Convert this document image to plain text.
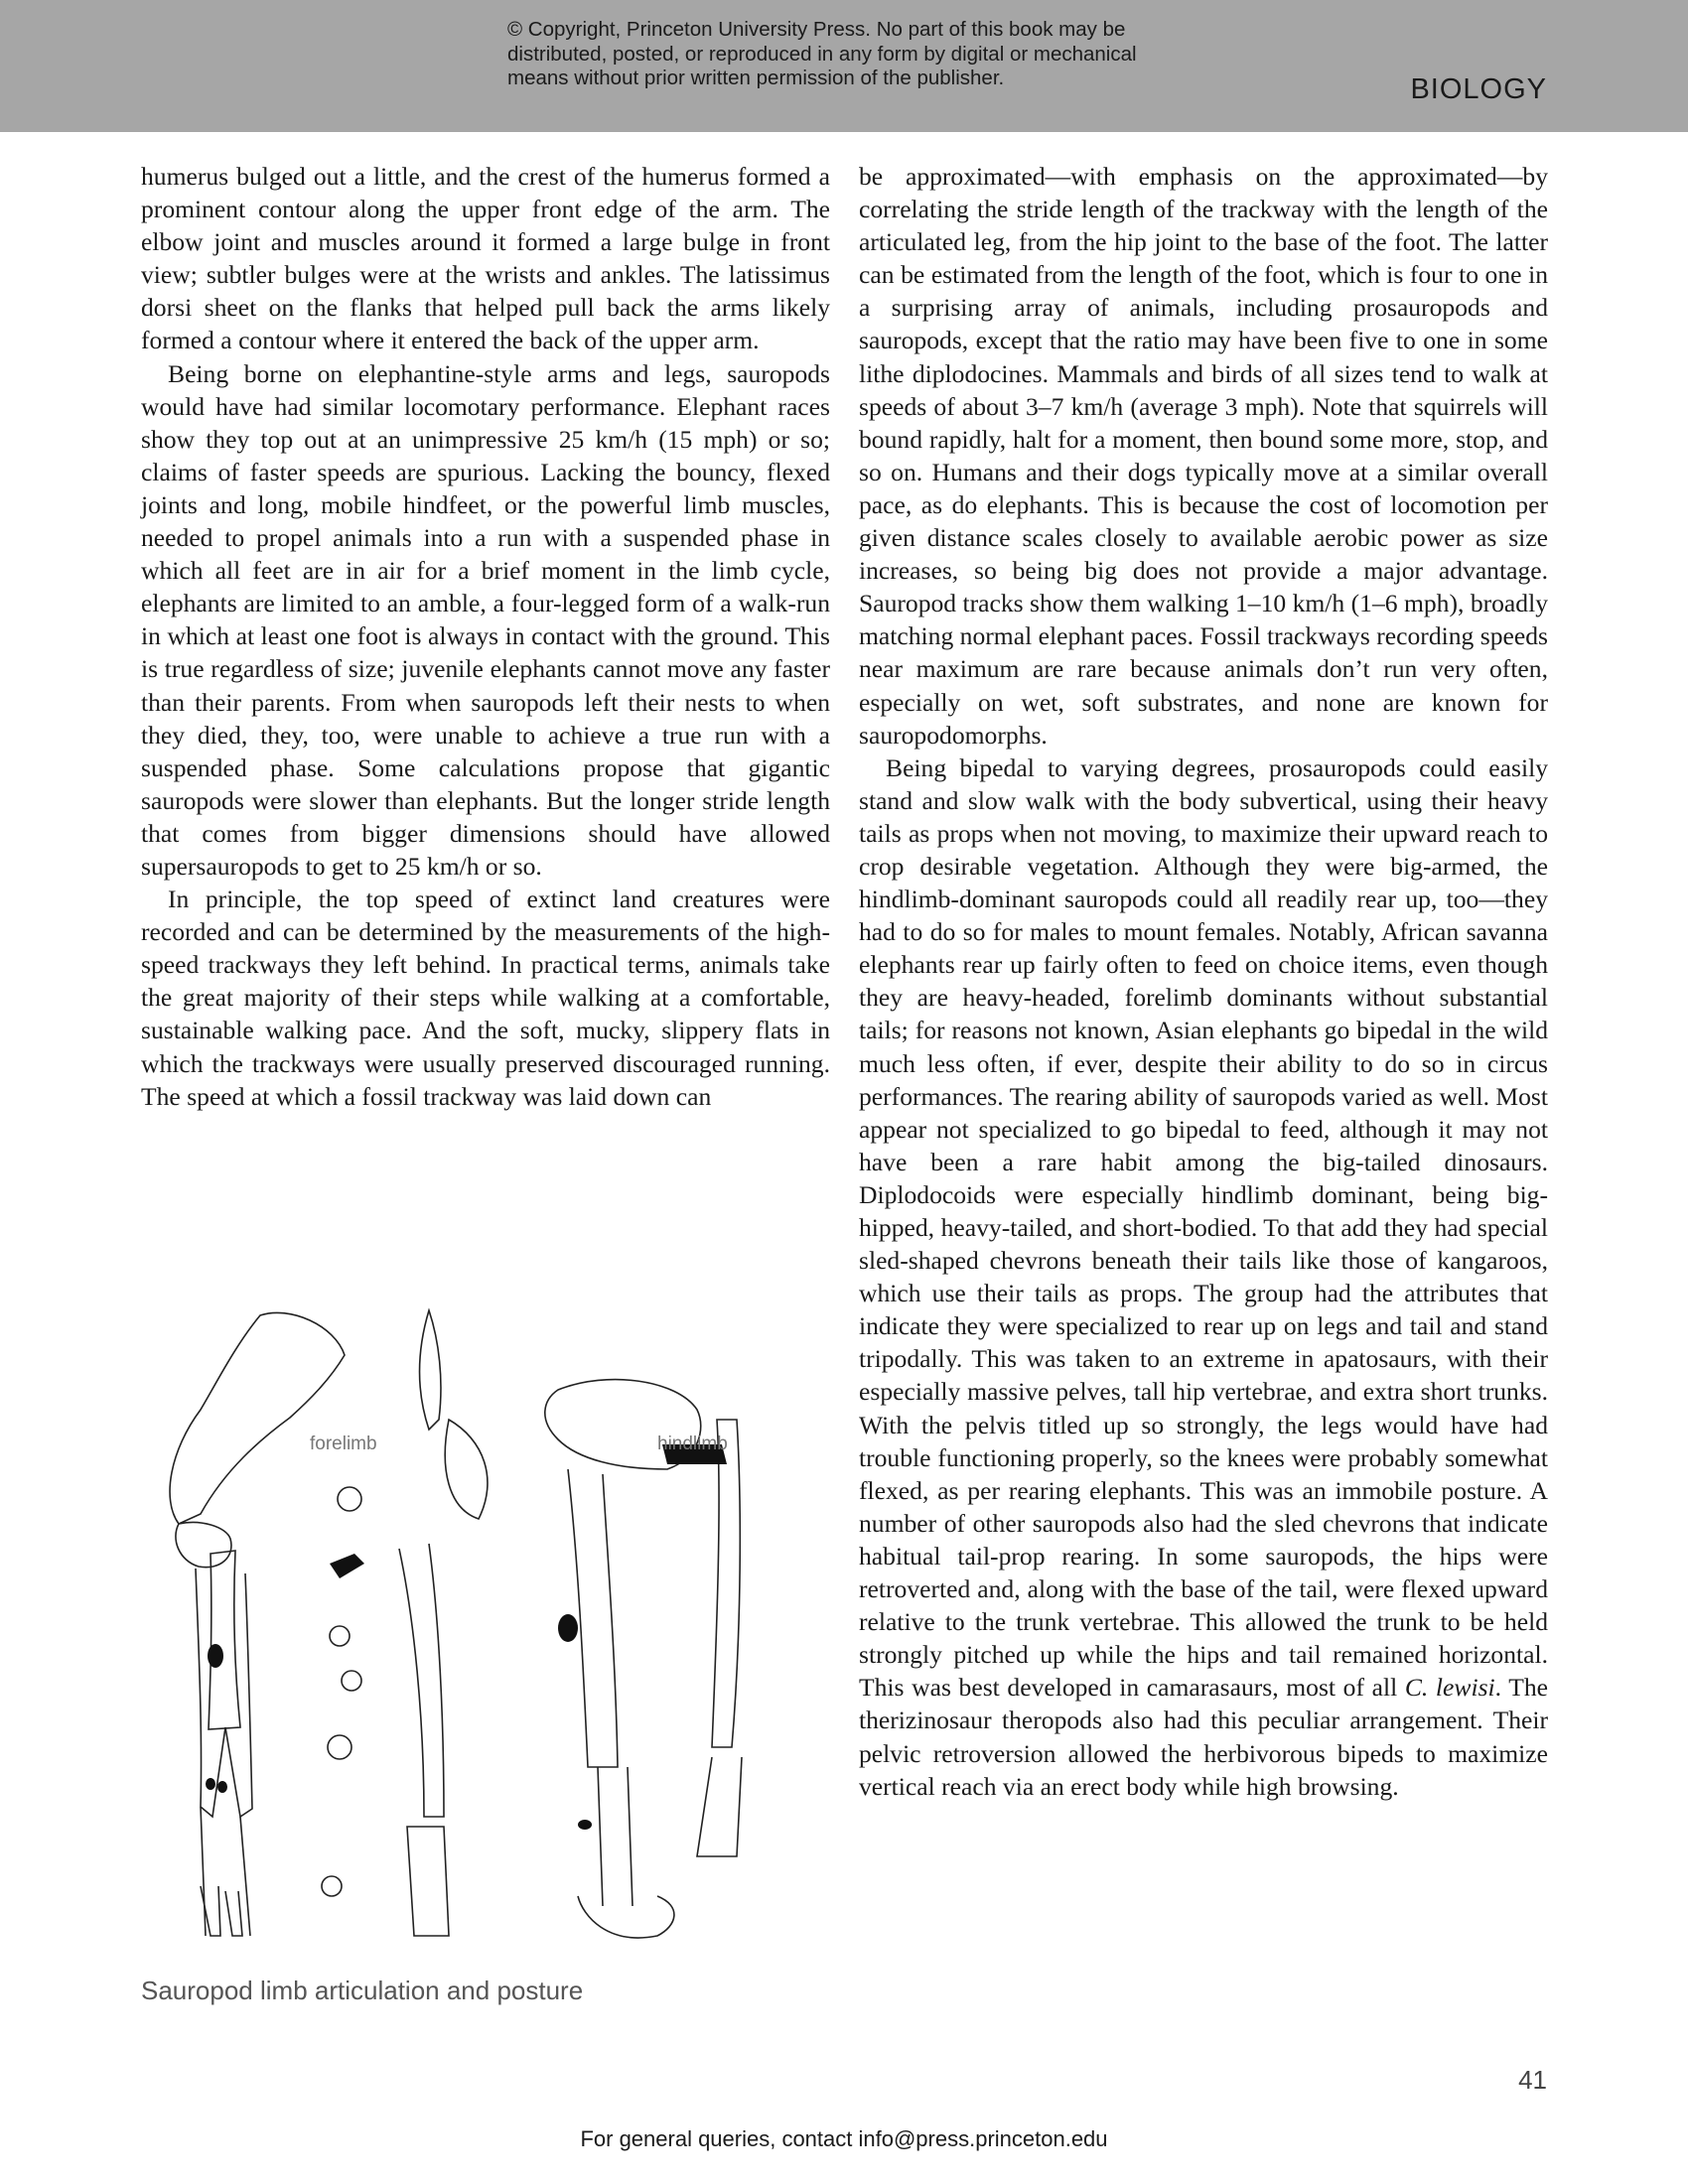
© Copyright, Princeton University Press. No part of this book may be
distributed, posted, or reproduced in any form by digital or mechanical
means without prior written permission of the publisher.	BIOLOGY

humerus bulged out a little, and the crest of the humerus formed a prominent contour along the upper front edge of the arm. The elbow joint and muscles around it formed a large bulge in front view; subtler bulges were at the wrists and ankles. The latissimus dorsi sheet on the flanks that helped pull back the arms likely formed a contour where it entered the back of the upper arm.

Being borne on elephantine-style arms and legs, sauropods would have had similar locomotary performance. Elephant races show they top out at an unimpressive 25 km/h (15 mph) or so; claims of faster speeds are spurious. Lacking the bouncy, flexed joints and long, mobile hindfeet, or the powerful limb muscles, needed to propel animals into a run with a suspended phase in which all feet are in air for a brief moment in the limb cycle, elephants are limited to an amble, a four-legged form of a walk-run in which at least one foot is always in contact with the ground. This is true regardless of size; juvenile elephants cannot move any faster than their parents. From when sauropods left their nests to when they died, they, too, were unable to achieve a true run with a suspended phase. Some calculations propose that gigantic sauropods were slower than elephants. But the longer stride length that comes from bigger dimensions should have allowed supersauropods to get to 25 km/h or so.

In principle, the top speed of extinct land creatures were recorded and can be determined by the measurements of the high-speed trackways they left behind. In practical terms, animals take the great majority of their steps while walking at a comfortable, sustainable walking pace. And the soft, mucky, slippery flats in which the trackways were usually preserved discouraged running. The speed at which a fossil trackway was laid down can

be approximated—with emphasis on the approximated—by correlating the stride length of the trackway with the length of the articulated leg, from the hip joint to the base of the foot. The latter can be estimated from the length of the foot, which is four to one in a surprising array of animals, including prosauropods and sauropods, except that the ratio may have been five to one in some lithe diplodocines. Mammals and birds of all sizes tend to walk at speeds of about 3–7 km/h (average 3 mph). Note that squirrels will bound rapidly, halt for a moment, then bound some more, stop, and so on. Humans and their dogs typically move at a similar overall pace, as do elephants. This is because the cost of locomotion per given distance scales closely to available aerobic power as size increases, so being big does not provide a major advantage. Sauropod tracks show them walking 1–10 km/h (1–6 mph), broadly matching normal elephant paces. Fossil trackways recording speeds near maximum are rare because animals don’t run very often, especially on wet, soft substrates, and none are known for sauropodomorphs.

Being bipedal to varying degrees, prosauropods could easily stand and slow walk with the body subvertical, using their heavy tails as props when not moving, to maximize their upward reach to crop desirable vegetation. Although they were big-armed, the hindlimb-dominant sauropods could all readily rear up, too—they had to do so for males to mount females. Notably, African savanna elephants rear up fairly often to feed on choice items, even though they are heavy-headed, forelimb dominants without substantial tails; for reasons not known, Asian elephants go bipedal in the wild much less often, if ever, despite their ability to do so in circus performances. The rearing ability of sauropods varied as well. Most appear not specialized to go bipedal to feed, although it may not have been a rare habit among the big-tailed dinosaurs. Diplodocoids were especially hindlimb dominant, being big-hipped, heavy-tailed, and short-bodied. To that add they had special sled-shaped chevrons beneath their tails like those of kangaroos, which use their tails as props. The group had the attributes that indicate they were specialized to rear up on legs and tail and stand tripodally. This was taken to an extreme in apatosaurs, with their especially massive pelves, tall hip vertebrae, and extra short trunks. With the pelvis titled up so strongly, the legs would have had trouble functioning properly, so the knees were probably somewhat flexed, as per rearing elephants. This was an immobile posture. A number of other sauropods also had the sled chevrons that indicate habitual tail-prop rearing. In some sauropods, the hips were retroverted and, along with the base of the tail, were flexed upward relative to the trunk vertebrae. This allowed the trunk to be held strongly pitched up while the hips and tail remained horizontal. This was best developed in camarasaurs, most of all C. lewisi. The therizinosaur theropods also had this peculiar arrangement. Their pelvic retroversion allowed the herbivorous bipeds to maximize vertical reach via an erect body while high browsing.

forelimb	hindlimb
Sauropod limb articulation and posture
41
For general queries, contact info@press.princeton.edu
